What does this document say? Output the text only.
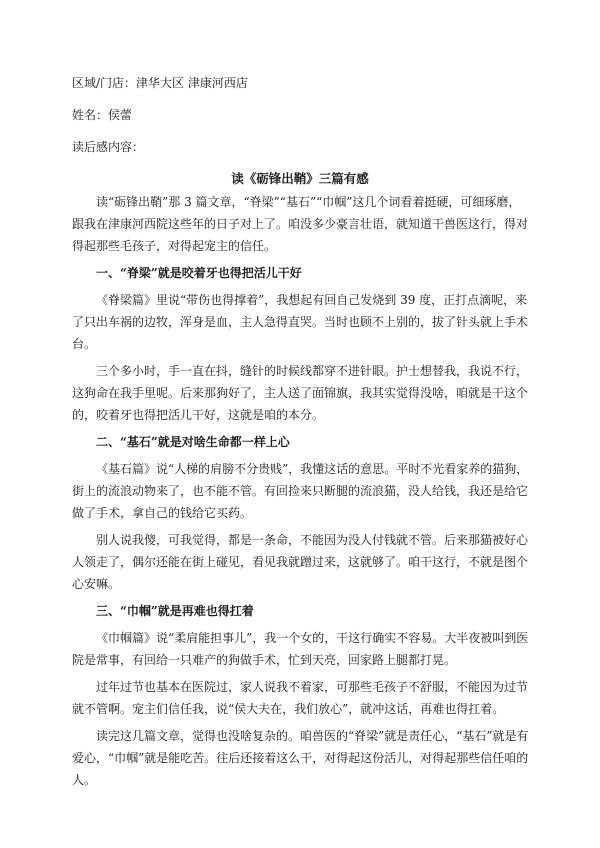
区域/门店：津华大区 津康河西店
姓名：侯蕾
读后感内容：
读《砺锋出鞘》三篇有感

读“砺锋出鞘”那 3 篇文章，“脊梁”“基石”“巾帼”这几个词看着挺硬，可细琢磨，跟我在津康河西院这些年的日子对上了。咱没多少豪言壮语，就知道干兽医这行，得对得起那些毛孩子，对得起宠主的信任。

一、“脊梁”就是咬着牙也得把活儿干好

《脊梁篇》里说“带伤也得撑着”，我想起有回自己发烧到 39 度，正打点滴呢，来了只出车祸的边牧，浑身是血，主人急得直哭。当时也顾不上别的，拔了针头就上手术台。

三个多小时，手一直在抖，缝针的时候线都穿不进针眼。护士想替我，我说不行，这狗命在我手里呢。后来那狗好了，主人送了面锦旗，我其实觉得没啥，咱就是干这个的，咬着牙也得把活儿干好，这就是咱的本分。

二、“基石”就是对啥生命都一样上心

《基石篇》说“人梯的肩膀不分贵贱”，我懂这话的意思。平时不光看家养的猫狗，街上的流浪动物来了，也不能不管。有回捡来只断腿的流浪猫，没人给钱，我还是给它做了手术，拿自己的钱给它买药。

别人说我傻，可我觉得，都是一条命，不能因为没人付钱就不管。后来那猫被好心人领走了，偶尔还能在街上碰见，看见我就蹭过来，这就够了。咱干这行，不就是图个心安嘛。

三、“巾帼”就是再难也得扛着

《巾帼篇》说“柔肩能担事儿”，我一个女的，干这行确实不容易。大半夜被叫到医院是常事，有回给一只难产的狗做手术，忙到天亮，回家路上腿都打晃。

过年过节也基本在医院过，家人说我不着家，可那些毛孩子不舒服，不能因为过节就不管啊。宠主们信任我，说“侯大夫在，我们放心”，就冲这话，再难也得扛着。

读完这几篇文章，觉得也没啥复杂的。咱兽医的“脊梁”就是责任心，“基石”就是有爱心，“巾帼”就是能吃苦。往后还接着这么干，对得起这份活儿，对得起那些信任咱的人。
